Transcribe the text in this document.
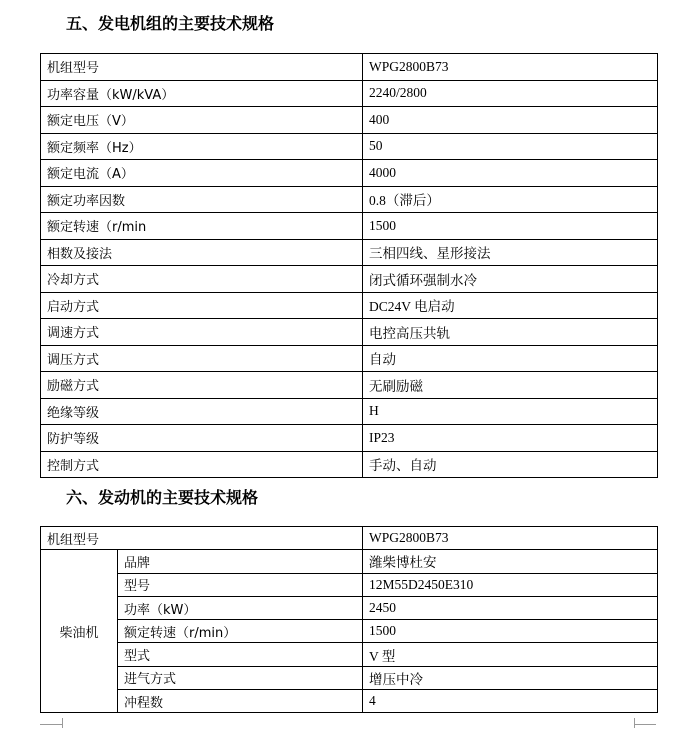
五、发电机组的主要技术规格
机组型号	WPG2800B73
功率容量（kW/kVA）	2240/2800
额定电压（V）	400
额定频率（Hz）	50
额定电流（A）	4000
额定功率因数	0.8（滞后）
额定转速（r/min	1500
相数及接法	三相四线、星形接法
冷却方式	闭式循环强制水冷
启动方式	DC24V 电启动
调速方式	电控高压共轨
调压方式	自动
励磁方式	无刷励磁
绝缘等级	H
防护等级	IP23
控制方式	手动、自动
六、发动机的主要技术规格
机组型号		WPG2800B73
柴油机	品牌	潍柴博杜安
	型号	12M55D2450E310
	功率（kW）	2450
	额定转速（r/min）	1500
	型式	V 型
	进气方式	增压中冷
	冲程数	4
